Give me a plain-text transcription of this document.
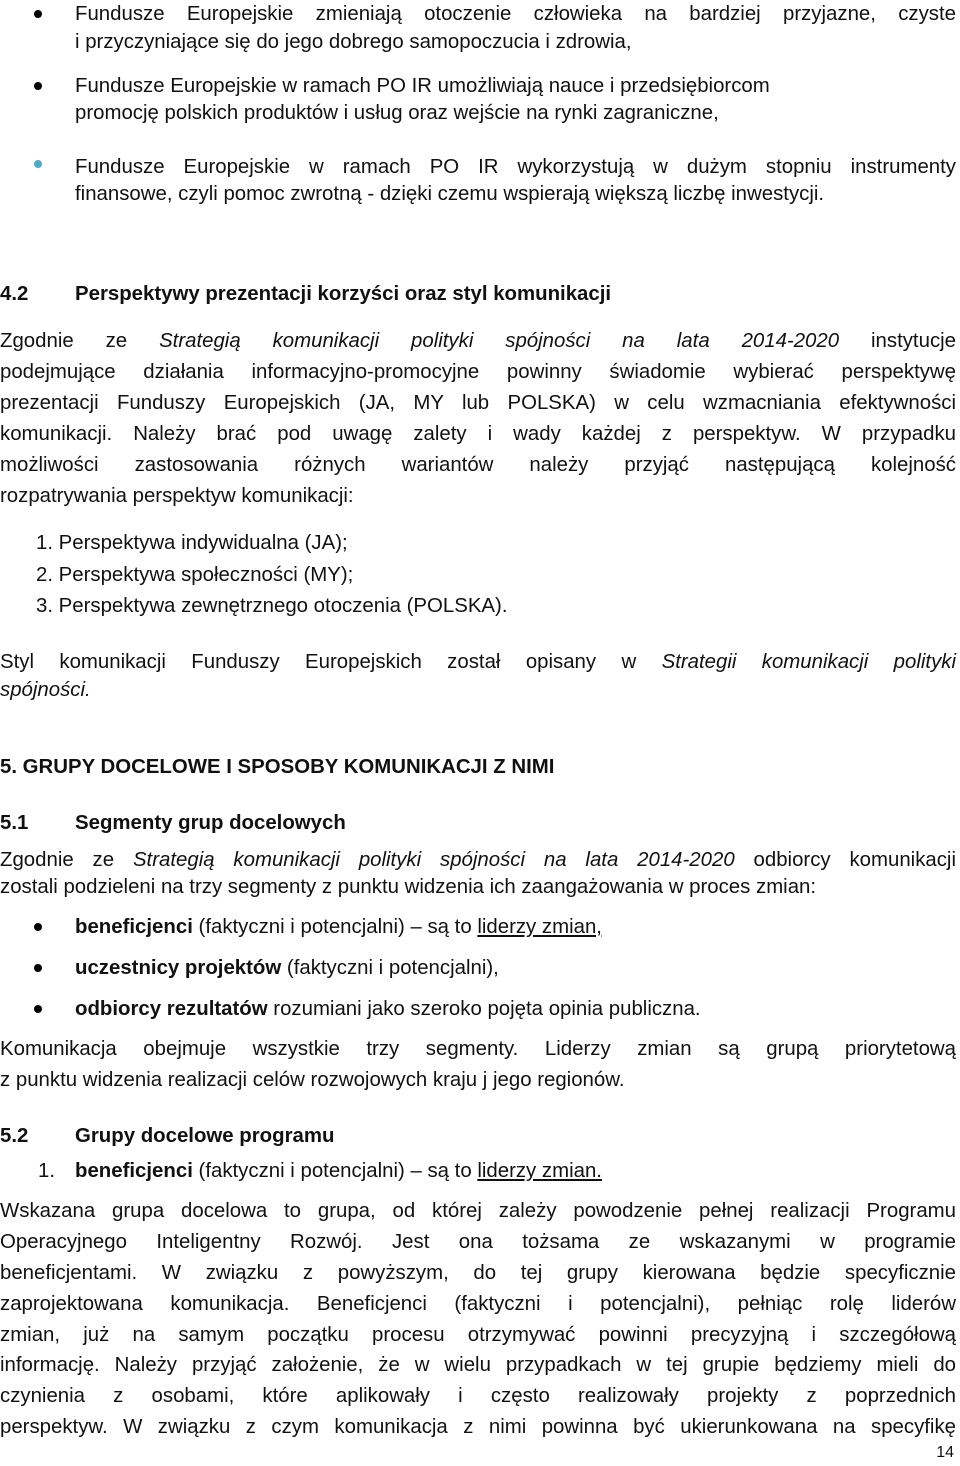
Fundusze Europejskie zmieniają otoczenie człowieka na bardziej przyjazne, czyste
i przyczyniające się do jego dobrego samopoczucia i zdrowia,
Fundusze Europejskie w ramach PO IR umożliwiają nauce i przedsiębiorcom
promocję polskich produktów i usług oraz wejście na rynki zagraniczne,
Fundusze Europejskie w ramach PO IR wykorzystują w dużym stopniu instrumenty
finansowe, czyli pomoc zwrotną - dzięki czemu wspierają większą liczbę inwestycji.
4.2	Perspektywy prezentacji korzyści oraz styl komunikacji
Zgodnie ze Strategią komunikacji polityki spójności na lata 2014-2020 instytucje
podejmujące działania informacyjno-promocyjne powinny świadomie wybierać perspektywę
prezentacji Funduszy Europejskich (JA, MY lub POLSKA) w celu wzmacniania efektywności
komunikacji. Należy brać pod uwagę zalety i wady każdej z perspektyw. W przypadku
możliwości zastosowania różnych wariantów należy przyjąć następującą kolejność
rozpatrywania perspektyw komunikacji:
1. Perspektywa indywidualna (JA);
2. Perspektywa społeczności (MY);
3. Perspektywa zewnętrznego otoczenia (POLSKA).
Styl komunikacji Funduszy Europejskich został opisany w Strategii komunikacji polityki
spójności.
5. GRUPY DOCELOWE I SPOSOBY KOMUNIKACJI Z NIMI
5.1	Segmenty grup docelowych
Zgodnie ze Strategią komunikacji polityki spójności na lata 2014-2020 odbiorcy komunikacji
zostali podzieleni na trzy segmenty z punktu widzenia ich zaangażowania w proces zmian:
beneficjenci (faktyczni i potencjalni) – są to liderzy zmian,
uczestnicy projektów (faktyczni i potencjalni),
odbiorcy rezultatów rozumiani jako szeroko pojęta opinia publiczna.
Komunikacja obejmuje wszystkie trzy segmenty. Liderzy zmian są grupą priorytetową
z punktu widzenia realizacji celów rozwojowych kraju j jego regionów.
5.2	Grupy docelowe programu
1. beneficjenci (faktyczni i potencjalni) – są to liderzy zmian.
Wskazana grupa docelowa to grupa, od której zależy powodzenie pełnej realizacji Programu
Operacyjnego Inteligentny Rozwój. Jest ona tożsama ze wskazanymi w programie
beneficjentami. W związku z powyższym, do tej grupy kierowana będzie specyficznie
zaprojektowana komunikacja. Beneficjenci (faktyczni i potencjalni), pełniąc rolę liderów
zmian, już na samym początku procesu otrzymywać powinni precyzyjną i szczegółową
informację. Należy przyjąć założenie, że w wielu przypadkach w tej grupie będziemy mieli do
czynienia z osobami, które aplikowały i często realizowały projekty z poprzednich
perspektyw. W związku z czym komunikacja z nimi powinna być ukierunkowana na specyfikę
14
